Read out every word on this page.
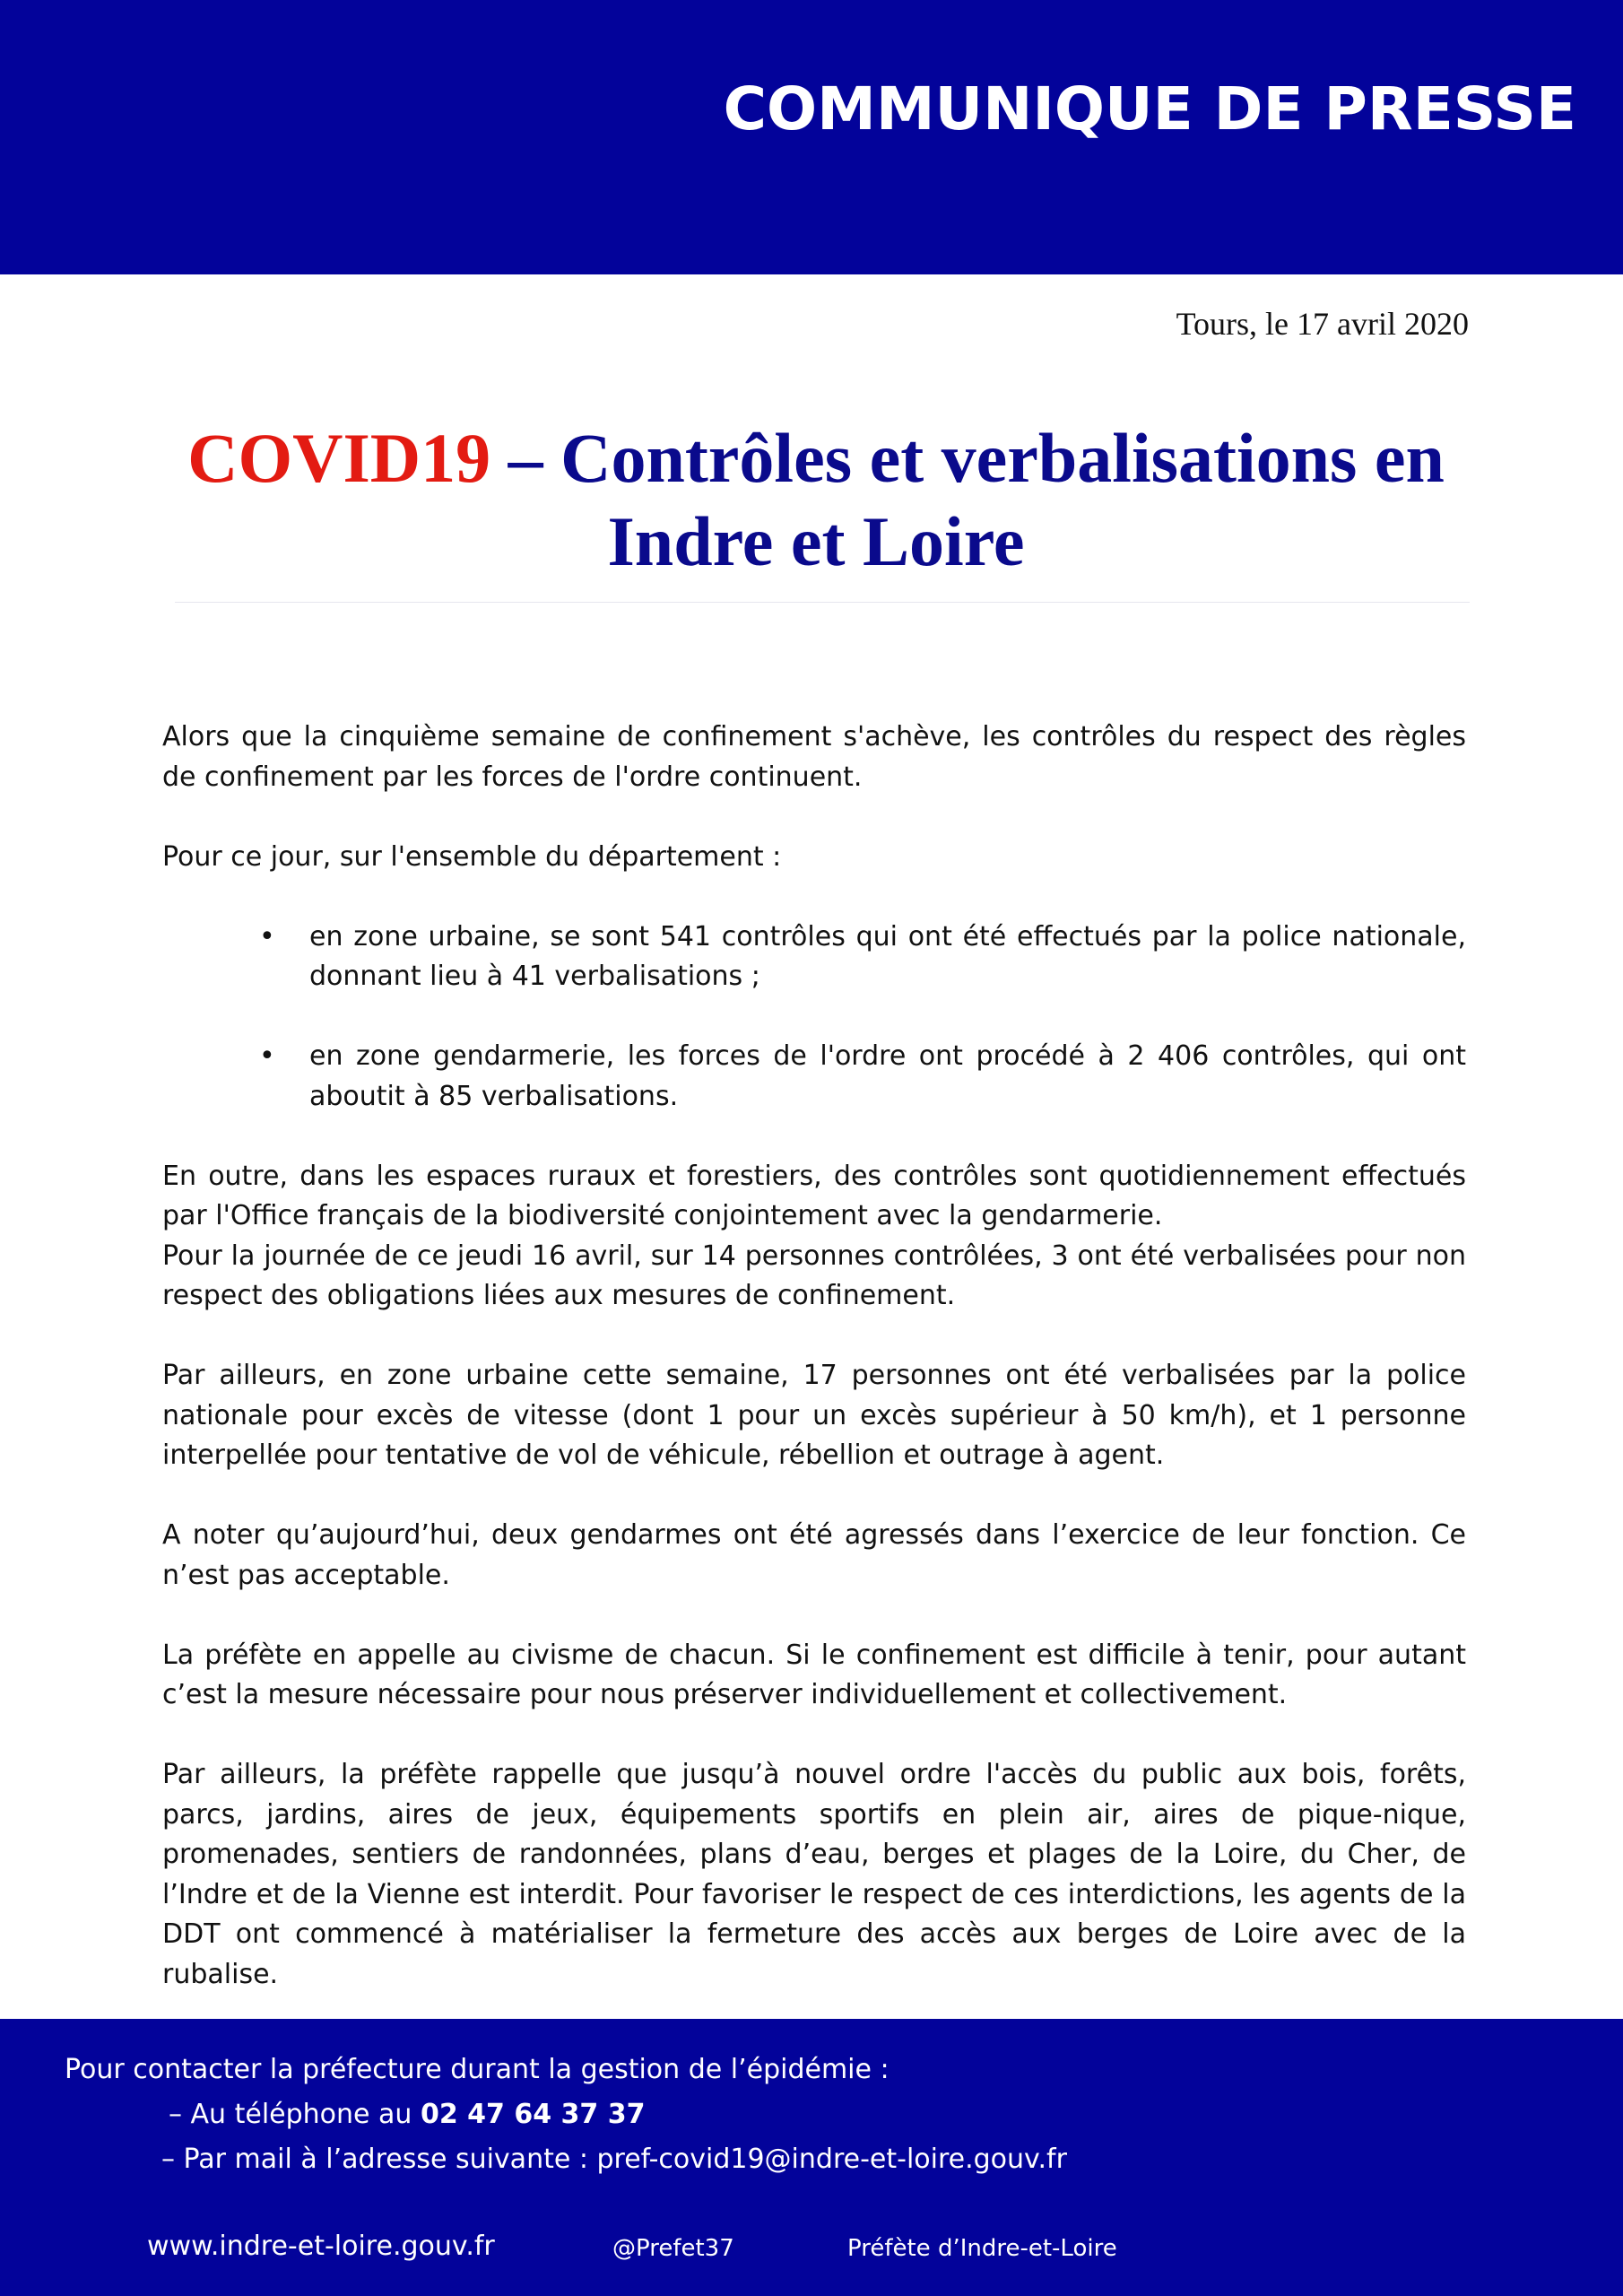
COMMUNIQUE DE PRESSE
Tours, le 17 avril 2020
COVID19 – Contrôles et verbalisations en
Indre et Loire

Alors que la cinquième semaine de confinement s'achève, les contrôles du respect des règles de confinement par les forces de l'ordre continuent.

Pour ce jour, sur l'ensemble du département :

• en zone urbaine, se sont 541 contrôles qui ont été effectués par la police nationale, donnant lieu à 41 verbalisations ;
• en zone gendarmerie, les forces de l'ordre ont procédé à 2 406 contrôles, qui ont aboutit à 85 verbalisations.

En outre, dans les espaces ruraux et forestiers, des contrôles sont quotidiennement effectués par l'Office français de la biodiversité conjointement avec la gendarmerie.

Pour la journée de ce jeudi 16 avril, sur 14 personnes contrôlées, 3 ont été verbalisées pour non respect des obligations liées aux mesures de confinement.

Par ailleurs, en zone urbaine cette semaine, 17 personnes ont été verbalisées par la police nationale pour excès de vitesse (dont 1 pour un excès supérieur à 50 km/h), et 1 personne interpellée pour tentative de vol de véhicule, rébellion et outrage à agent.

A noter qu’aujourd’hui, deux gendarmes ont été agressés dans l’exercice de leur fonction. Ce n’est pas acceptable.

La préfète en appelle au civisme de chacun. Si le confinement est difficile à tenir, pour autant c’est la mesure nécessaire pour nous préserver individuellement et collectivement.

Par ailleurs, la préfète rappelle que jusqu’à nouvel ordre l'accès du public aux bois, forêts, parcs, jardins, aires de jeux, équipements sportifs en plein air, aires de pique-nique, promenades, sentiers de randonnées, plans d’eau, berges et plages de la Loire, du Cher, de l’Indre et de la Vienne est interdit. Pour favoriser le respect de ces interdictions, les agents de la DDT ont commencé à matérialiser la fermeture des accès aux berges de Loire avec de la rubalise.

Pour contacter la préfecture durant la gestion de l’épidémie :
– Au téléphone au 02 47 64 37 37
– Par mail à l’adresse suivante : pref-covid19@indre-et-loire.gouv.fr
www.indre-et-loire.gouv.fr	@Prefet37	Préfète d’Indre-et-Loire
